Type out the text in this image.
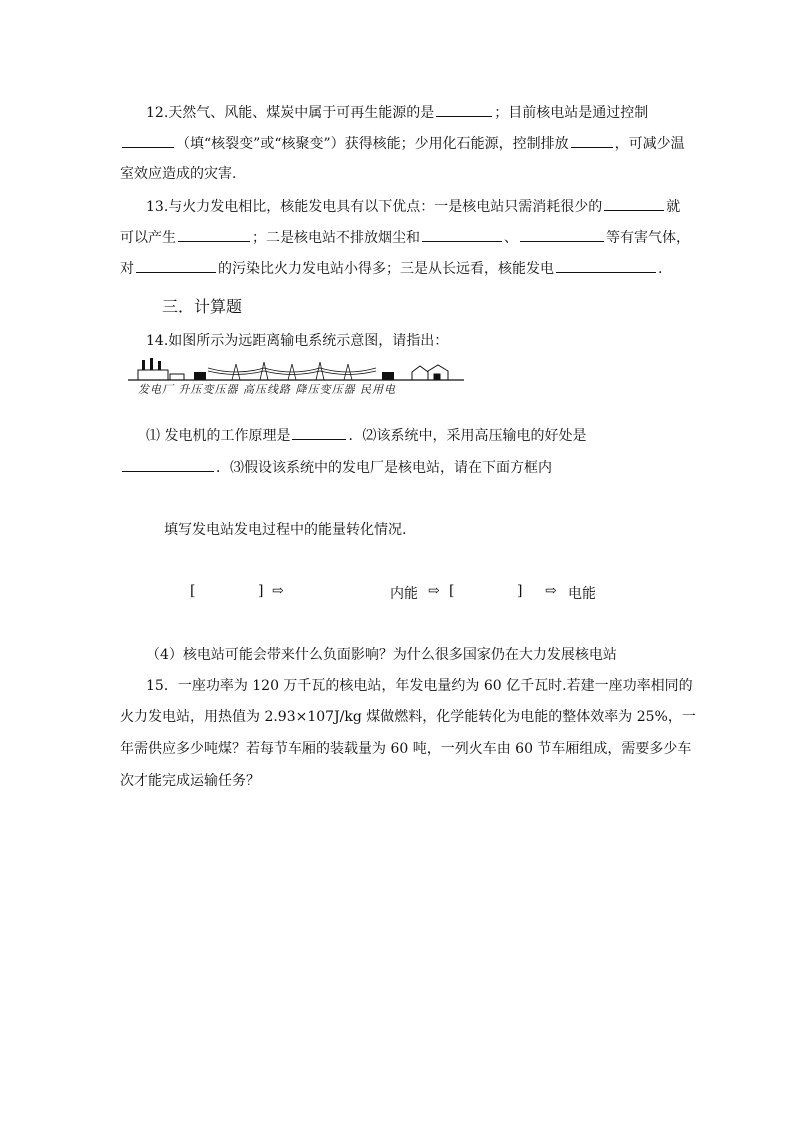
12.天然气、风能、煤炭中属于可再生能源的是	；目前核电站是通过控制
（填“核裂变”或“核聚变”）获得核能；少用化石能源，控制排放	，可减少温
室效应造成的灾害.
13.与火力发电相比，核能发电具有以下优点：一是核电站只需消耗很少的	就
可以产生	；二是核电站不排放烟尘和	、	等有害气体，
对	的污染比火力发电站小得多；三是从长远看，核能发电	.
三．计算题
14.如图所示为远距离输电系统示意图，请指出：
发电厂 升压变压器 高压线路 降压变压器 民用电
⑴ 发电机的工作原理是	．⑵该系统中，采用高压输电的好处是
．⑶假设该系统中的发电厂是核电站，请在下面方框内
填写发电站发电过程中的能量转化情况.
[	] ⇨	内能 ⇨ [	] ⇨ 电能
（4）核电站可能会带来什么负面影响？为什么很多国家仍在大力发展核电站
15．一座功率为 120 万千瓦的核电站，年发电量约为 60 亿千瓦时.若建一座功率相同的
火力发电站，用热值为 2.93×107J/kg 煤做燃料，化学能转化为电能的整体效率为 25%，一
年需供应多少吨煤？若每节车厢的装载量为 60 吨，一列火车由 60 节车厢组成，需要多少车
次才能完成运输任务？
